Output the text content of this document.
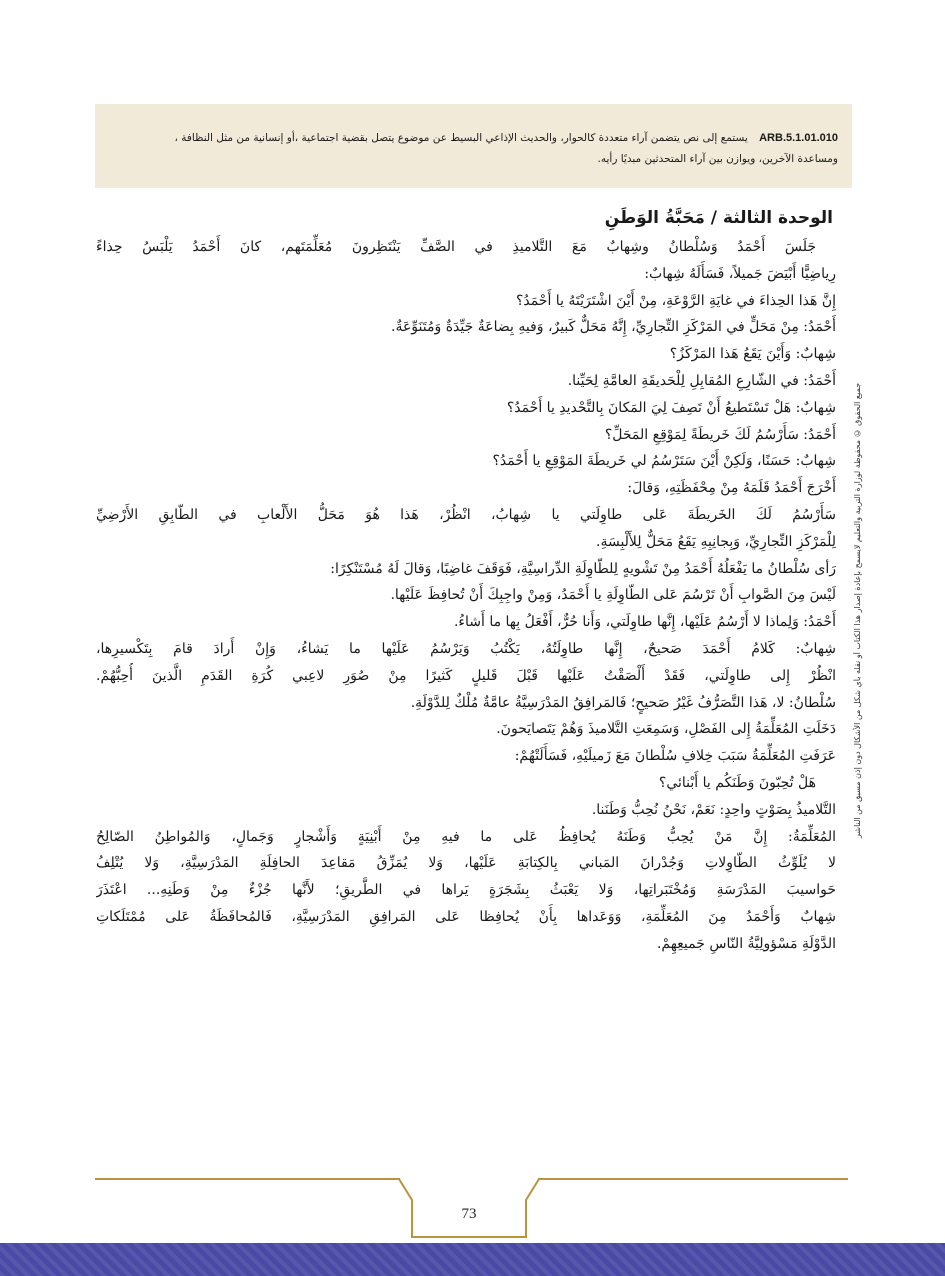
ARB.5.1.01.010 يستمع إلى نص يتضمن آراء متعددة كالحوار، والحديث الإذاعي البسيط عن موضوع يتصل بقضية اجتماعية ،أو إنسانية من مثل النظافة ،
ومساعدة الآخرين، ويوازن بين آراء المتحدثين مبديًا رأيه.
جميع الحقوق © محفوظة لوزارة التربية والتعليم لايسمح بإعادة إصدار هذا الكتاب أو نقله بأي شكل من الأشكال دون إذن مسبق من الناشر
الوحدة الثالثة / مَحَبَّةُ الوَطَنِ

جَلَسَ أَحْمَدُ وَسُلْطانُ وشِهابٌ مَعَ التَّلاميذِ في الصَّفِّ يَنْتَظِرونَ مُعَلِّمَتَهم، كانَ أَحْمَدُ يَلْبَسُ حِذاءً

رِياضِيًّا أَبْيَضَ جَميلاً، فَسَأَلَهُ شِهابٌ:

إِنَّ هَذا الحِذاءَ في غايَةِ الرَّوْعَةِ، مِنْ أَيْنَ اشْتَرَيْتَهُ يا أَحْمَدُ؟

أَحْمَدُ: مِنْ مَحَلٍّ في المَرْكَزِ التِّجارِيِّ، إِنَّهُ مَحَلٌّ كَبيرٌ، وَفيهِ بِضاعَةٌ جَيِّدَةٌ وَمُتَنَوِّعَةٌ.

شِهابٌ: وَأَيْنَ يَقَعُ هَذا المَرْكَزُ؟

أَحْمَدُ: في الشّارِعِ المُقابِلِ لِلْحَديقَةِ العامَّةِ لِحَيِّنا.

شِهابٌ: هَلْ تَسْتَطيعُ أَنْ تَصِفَ لِيَ المَكانَ بِالتَّحْديدِ يا أَحْمَدُ؟

أَحْمَدُ: سَأَرْسُمُ لَكَ خَريطَةً لِمَوْقِعِ المَحَلِّ؟

شِهابٌ: حَسَنًا، وَلَكِنْ أَيْنَ سَتَرْسُمُ لي خَريطَةَ المَوْقِعِ يا أَحْمَدُ؟

أَخْرَجَ أَحْمَدُ قَلَمَهُ مِنْ مِحْفَظَتِهِ، وَقالَ:

سَأَرْسُمُ لَكَ الخَريطَةَ عَلى طاوِلَتي يا شِهابُ، انْظُرْ، هَذا هُوَ مَحَلُّ الأَلْعابِ في الطّابِقِ الأَرْضِيِّ

لِلْمَرْكَزِ التِّجارِيِّ، وَبِجانِبِهِ يَقَعُ مَحَلٌّ لِلأَلْبِسَةِ.

رَأى سُلْطانُ ما يَفْعَلُهُ أَحْمَدُ مِنْ تَشْويهٍ لِلطّاوِلَةِ الدِّراسِيَّةِ، فَوَقَفَ غاضِبًا، وَقالَ لَهُ مُسْتَنْكِرًا:

لَيْسَ مِنَ الصَّوابِ أَنْ تَرْسُمَ عَلى الطّاوِلَةِ يا أَحْمَدُ، وَمِنْ واجِبِكَ أَنْ تُحافِظَ عَلَيْها.

أَحْمَدُ: وَلِماذا لا أَرْسُمُ عَلَيْها، إِنَّها طاوِلَتي، وَأَنا حُرٌّ، أَفْعَلُ بِها ما أَشاءُ.

شِهابٌ: كَلامُ أَحْمَدَ صَحيحٌ، إِنَّها طاوِلَتُهُ، يَكْتُبُ وَيَرْسُمُ عَلَيْها ما يَشاءُ، وَإِنْ أَرادَ قامَ بِتَكْسيرِها،

انْظُرْ إِلى طاوِلَتي، فَقَدْ أَلْصَقْتُ عَلَيْها قَبْلَ قَليلٍ كَثيرًا مِنْ صُوَرِ لاعِبي كُرَةِ القَدَمِ الَّذينَ أُحِبُّهُمْ.

سُلْطانُ: لا، هَذا التَّصَرُّفُ غَيْرُ صَحيحٍ؛ فَالمَرافِقُ المَدْرَسِيَّةُ عامَّةٌ مُلْكٌ لِلدَّوْلَةِ.

دَخَلَتِ المُعَلِّمَةُ إِلى الفَصْلِ، وَسَمِعَتِ التَّلاميذَ وَهُمْ يَتَصايَحونَ.

عَرَفَتِ المُعَلِّمَةُ سَبَبَ خِلافِ سُلْطانَ مَعَ زَميلَيْهِ، فَسَأَلَتْهُمْ:

هَلْ تُحِبّونَ وَطَنَكُم يا أَبْنائي؟

التَّلاميذُ بِصَوْتٍ واحِدٍ: نَعَمْ، نَحْنُ نُحِبُّ وَطَنَنا.

المُعَلِّمَةُ: إِنَّ مَنْ يُحِبُّ وَطَنَهُ يُحافِظُ عَلى ما فيهِ مِنْ أَبْنِيَةٍ وَأَشْجارٍ وَجَمالٍ، وَالمُواطِنُ الصّالِحُ

لا يُلَوِّثُ الطّاوِلاتِ وَجُدْرانَ المَباني بِالكِتابَةِ عَلَيْها، وَلا يُمَزِّقُ مَقاعِدَ الحافِلَةِ المَدْرَسِيَّةِ، وَلا يُتْلِفُ

حَواسيبَ المَدْرَسَةِ وَمُخْتَبَراتِها، وَلا يَعْبَثُ بِشَجَرَةٍ يَراها في الطَّريقِ؛ لأَنَّها جُزْءٌ مِنْ وَطَنِهِ... اعْتَذَرَ

شِهابٌ وَأَحْمَدُ مِنَ المُعَلِّمَةِ، وَوَعَداها بِأَنْ يُحافِظا عَلى المَرافِقِ المَدْرَسِيَّةِ، فَالمُحافَظَةُ عَلى مُمْتَلَكاتِ

الدَّوْلَةِ مَسْؤولِيَّةُ النّاسِ جَميعِهِمْ.

73
